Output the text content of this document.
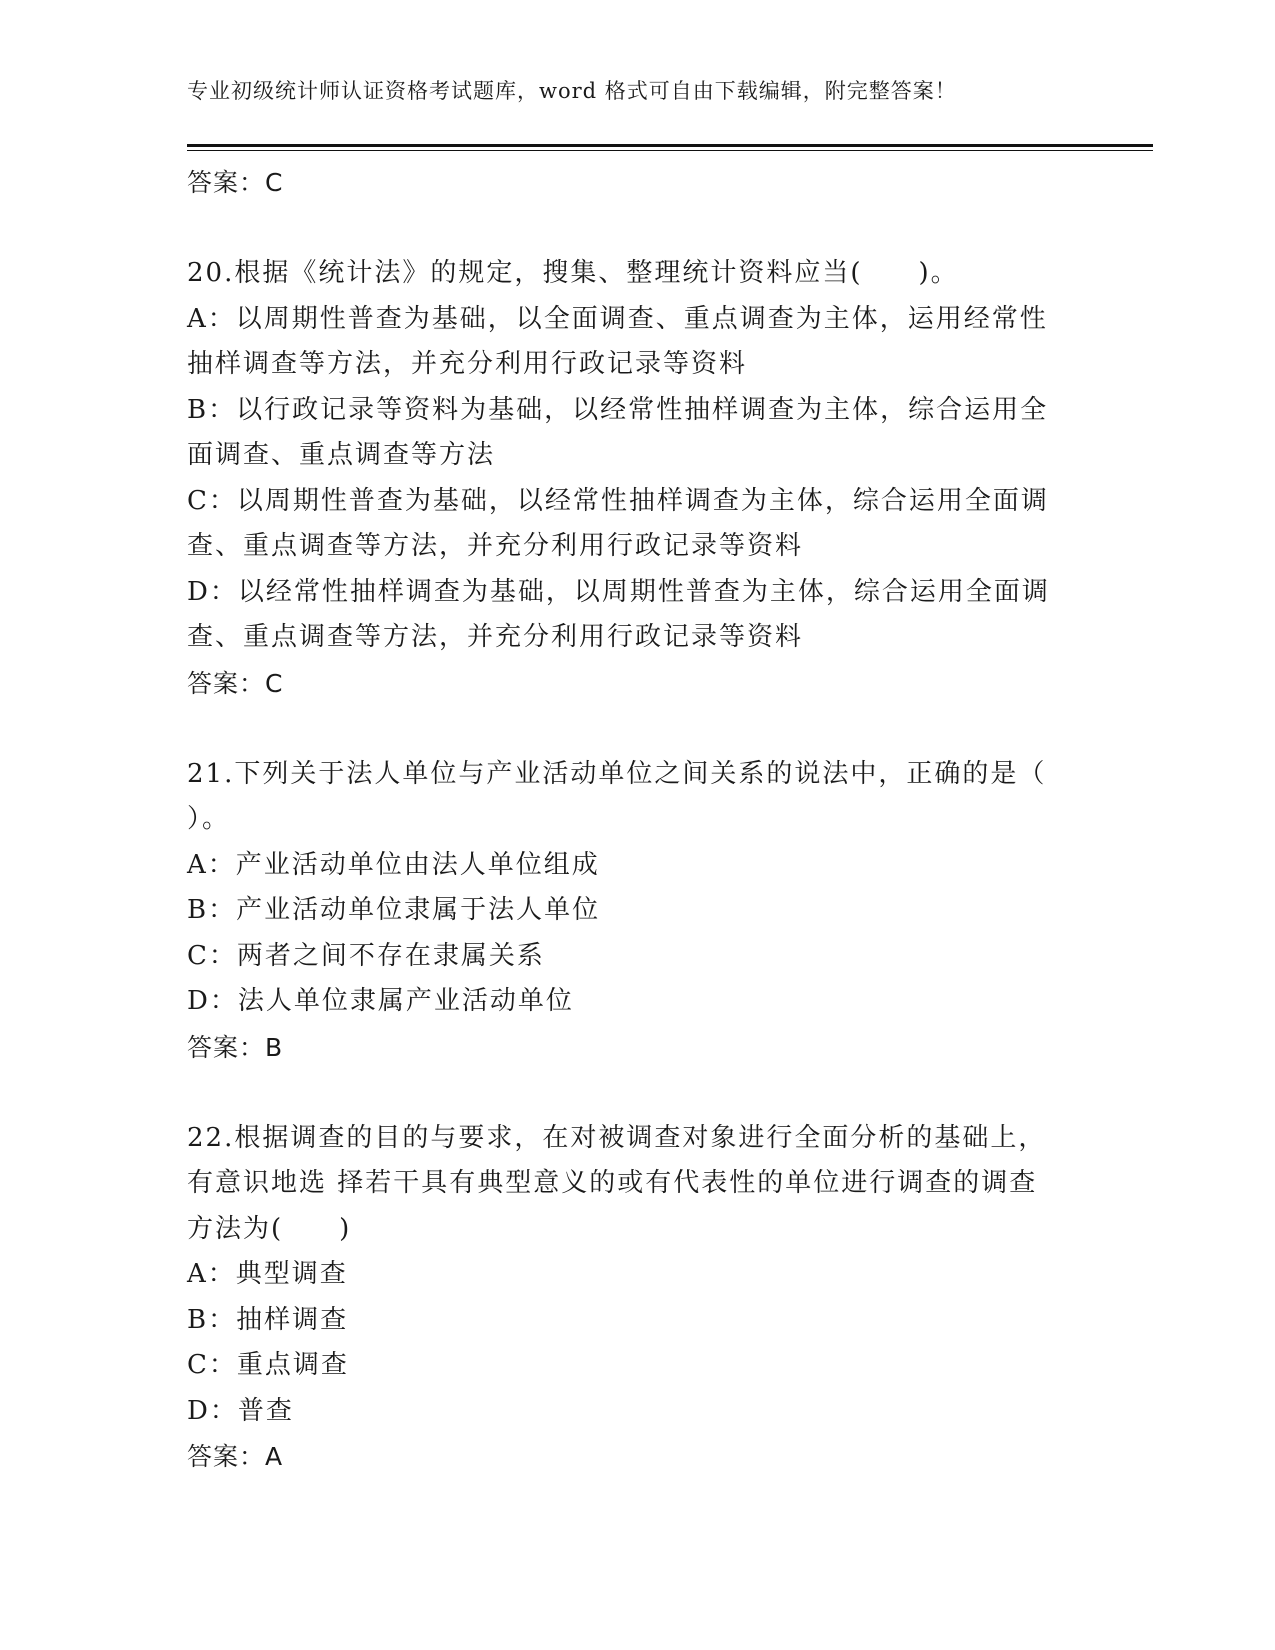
专业初级统计师认证资格考试题库，word 格式可自由下载编辑，附完整答案！
答案：C
20.根据《统计法》的规定，搜集、整理统计资料应当(　　)。
A：以周期性普查为基础，以全面调查、重点调查为主体，运用经常性
抽样调查等方法，并充分利用行政记录等资料
B：以行政记录等资料为基础，以经常性抽样调查为主体，综合运用全
面调查、重点调查等方法
C：以周期性普查为基础，以经常性抽样调查为主体，综合运用全面调
查、重点调查等方法，并充分利用行政记录等资料
D：以经常性抽样调查为基础，以周期性普查为主体，综合运用全面调
查、重点调查等方法，并充分利用行政记录等资料
答案：C
21.下列关于法人单位与产业活动单位之间关系的说法中，正确的是（
）。
A：产业活动单位由法人单位组成
B：产业活动单位隶属于法人单位
C：两者之间不存在隶属关系
D：法人单位隶属产业活动单位
答案：B
22.根据调查的目的与要求，在对被调查对象进行全面分析的基础上，
有意识地选 择若干具有典型意义的或有代表性的单位进行调查的调查
方法为(　　)
A：典型调查
B：抽样调查
C：重点调查
D：普查
答案：A
